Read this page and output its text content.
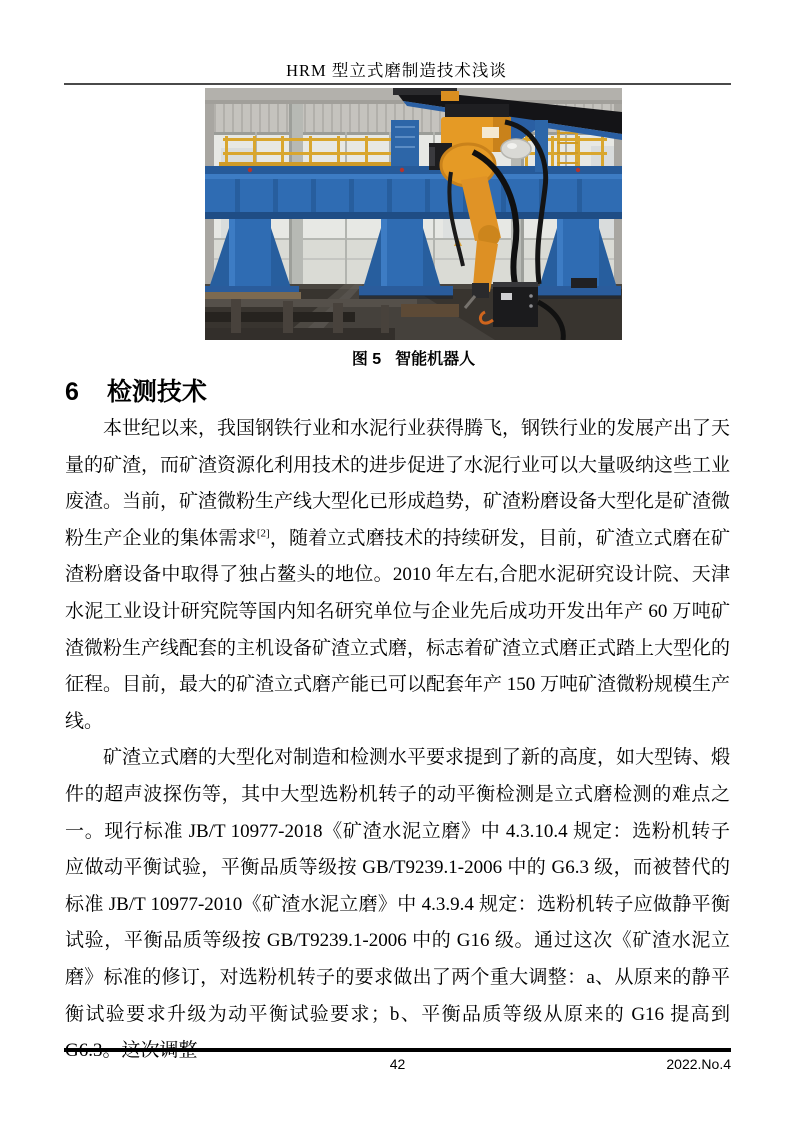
HRM 型立式磨制造技术浅谈
图 5 智能机器人
6 检测技术

本世纪以来，我国钢铁行业和水泥行业获得腾飞，钢铁行业的发展产出了天量的矿渣，而矿渣资源化利用技术的进步促进了水泥行业可以大量吸纳这些工业废渣。当前，矿渣微粉生产线大型化已形成趋势，矿渣粉磨设备大型化是矿渣微粉生产企业的集体需求[2]，随着立式磨技术的持续研发，目前，矿渣立式磨在矿渣粉磨设备中取得了独占鳌头的地位。2010 年左右,合肥水泥研究设计院、天津水泥工业设计研究院等国内知名研究单位与企业先后成功开发出年产 60 万吨矿渣微粉生产线配套的主机设备矿渣立式磨，标志着矿渣立式磨正式踏上大型化的征程。目前，最大的矿渣立式磨产能已可以配套年产 150 万吨矿渣微粉规模生产线。

矿渣立式磨的大型化对制造和检测水平要求提到了新的高度，如大型铸、煅件的超声波探伤等，其中大型选粉机转子的动平衡检测是立式磨检测的难点之一。现行标准 JB/T 10977-2018《矿渣水泥立磨》中 4.3.10.4 规定：选粉机转子应做动平衡试验，平衡品质等级按 GB/T9239.1-2006 中的 G6.3 级，而被替代的标准 JB/T 10977-2010《矿渣水泥立磨》中 4.3.9.4 规定：选粉机转子应做静平衡试验，平衡品质等级按 GB/T9239.1-2006 中的 G16 级。通过这次《矿渣水泥立磨》标准的修订，对选粉机转子的要求做出了两个重大调整：a、从原来的静平衡试验要求升级为动平衡试验要求；b、平衡品质等级从原来的 G16 提高到 G6.3。这次调整

42	2022.No.4
